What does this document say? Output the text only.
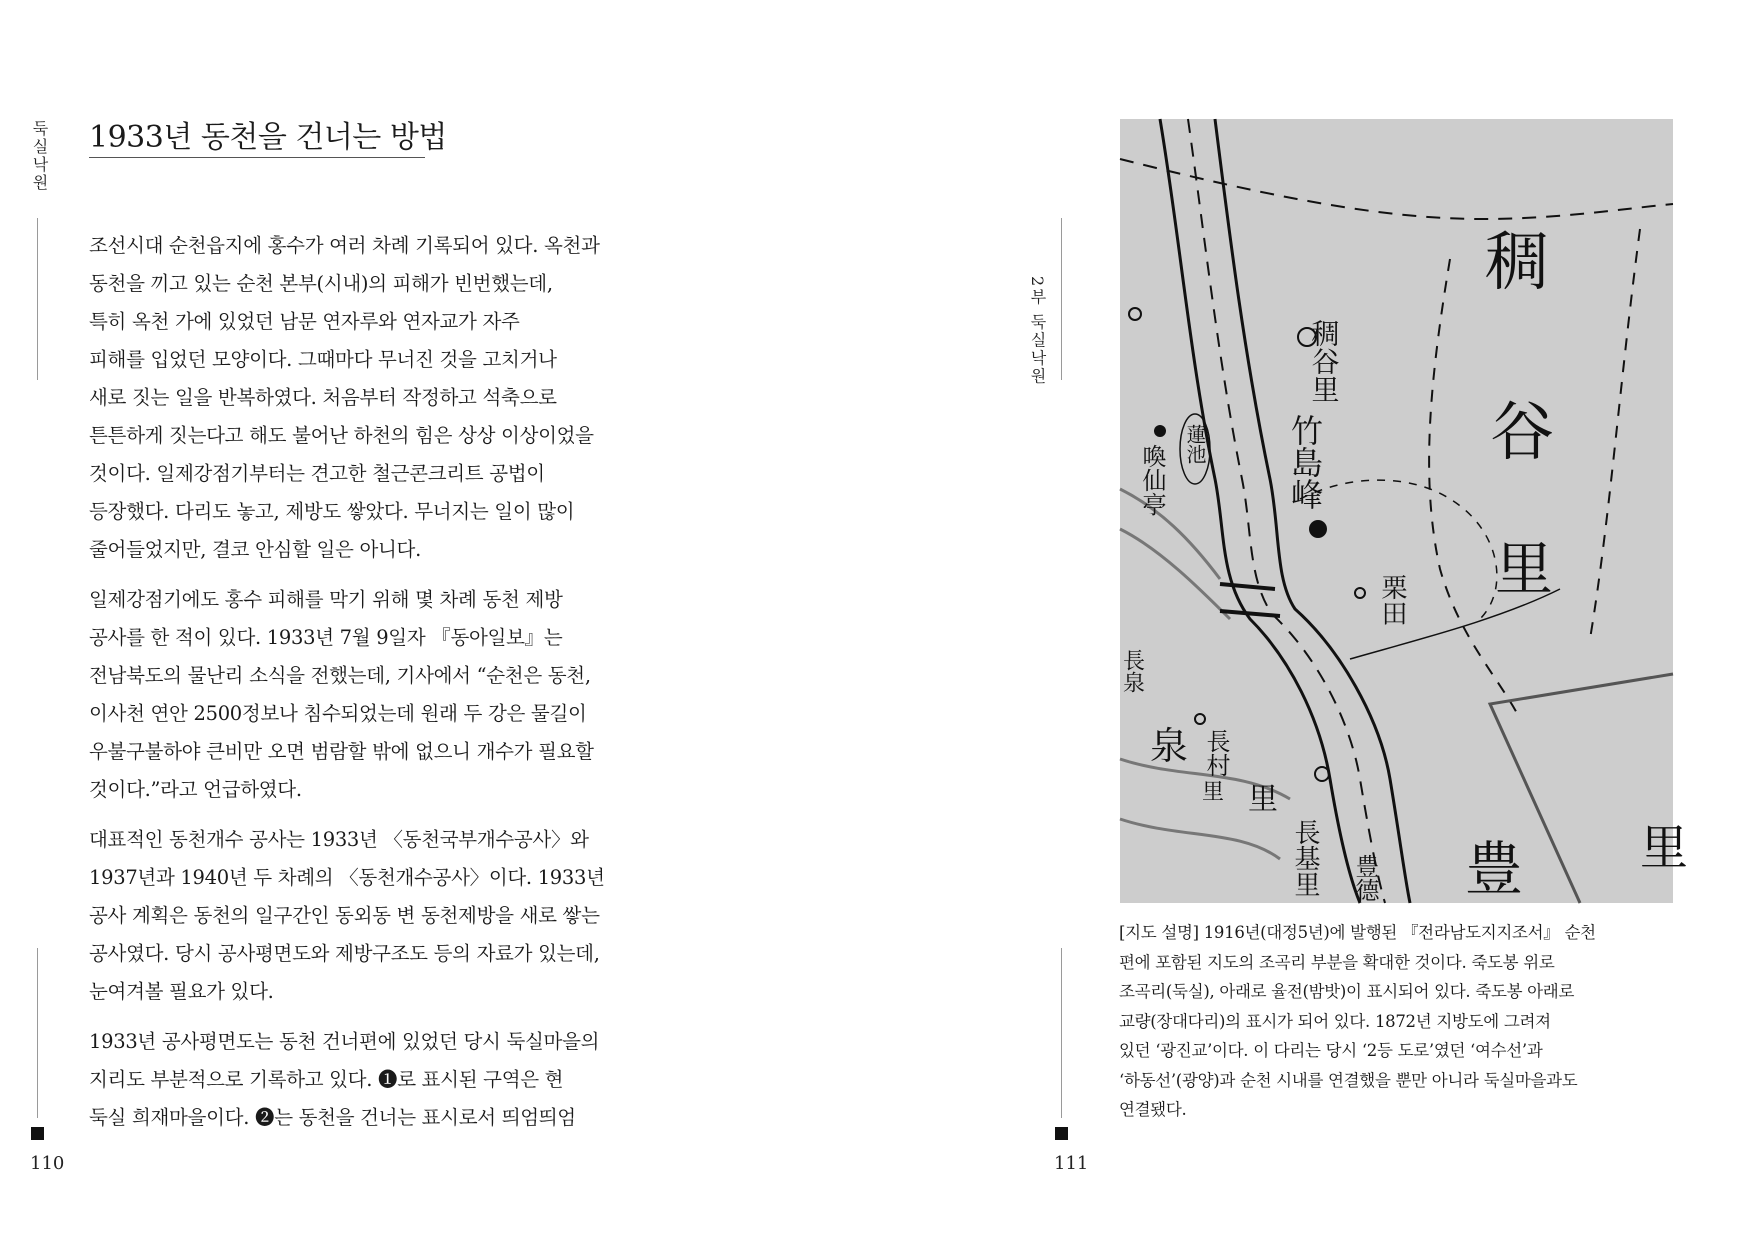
둑실낙원
110
1933년 동천을 건너는 방법

조선시대 순천읍지에 홍수가 여러 차례 기록되어 있다. 옥천과
동천을 끼고 있는 순천 본부(시내)의 피해가 빈번했는데,
특히 옥천 가에 있었던 남문 연자루와 연자교가 자주
피해를 입었던 모양이다. 그때마다 무너진 것을 고치거나
새로 짓는 일을 반복하였다. 처음부터 작정하고 석축으로
튼튼하게 짓는다고 해도 불어난 하천의 힘은 상상 이상이었을
것이다. 일제강점기부터는 견고한 철근콘크리트 공법이
등장했다. 다리도 놓고, 제방도 쌓았다. 무너지는 일이 많이
줄어들었지만, 결코 안심할 일은 아니다.

일제강점기에도 홍수 피해를 막기 위해 몇 차례 동천 제방
공사를 한 적이 있다. 1933년 7월 9일자 『동아일보』는
전남북도의 물난리 소식을 전했는데, 기사에서 “순천은 동천,
이사천 연안 2500정보나 침수되었는데 원래 두 강은 물길이
우불구불하야 큰비만 오면 범람할 밖에 없으니 개수가 필요할
것이다.”라고 언급하였다.

대표적인 동천개수 공사는 1933년 〈동천국부개수공사〉와
1937년과 1940년 두 차례의 〈동천개수공사〉이다. 1933년
공사 계획은 동천의 일구간인 동외동 변 동천제방을 새로 쌓는
공사였다. 당시 공사평면도와 제방구조도 등의 자료가 있는데,
눈여겨볼 필요가 있다.

1933년 공사평면도는 동천 건너편에 있었던 당시 둑실마을의
지리도 부분적으로 기록하고 있다. ➊로 표시된 구역은 현
둑실 희재마을이다. ➋는 동천을 건너는 표시로서 띄엄띄엄

2부 둑실낙원
111
稠
谷
里
稠谷里
竹島峰
喚仙亭 蓮池
栗田
長泉
泉 長村
里 里
長基里 豊德 豊 里
[지도 설명] 1916년(대정5년)에 발행된 『전라남도지지조서』 순천
편에 포함된 지도의 조곡리 부분을 확대한 것이다. 죽도봉 위로
조곡리(둑실), 아래로 율전(밤밧)이 표시되어 있다. 죽도봉 아래로
교량(장대다리)의 표시가 되어 있다. 1872년 지방도에 그려져
있던 ‘광진교’이다. 이 다리는 당시 ‘2등 도로’였던 ‘여수선’과
‘하동선’(광양)과 순천 시내를 연결했을 뿐만 아니라 둑실마을과도
연결됐다.
